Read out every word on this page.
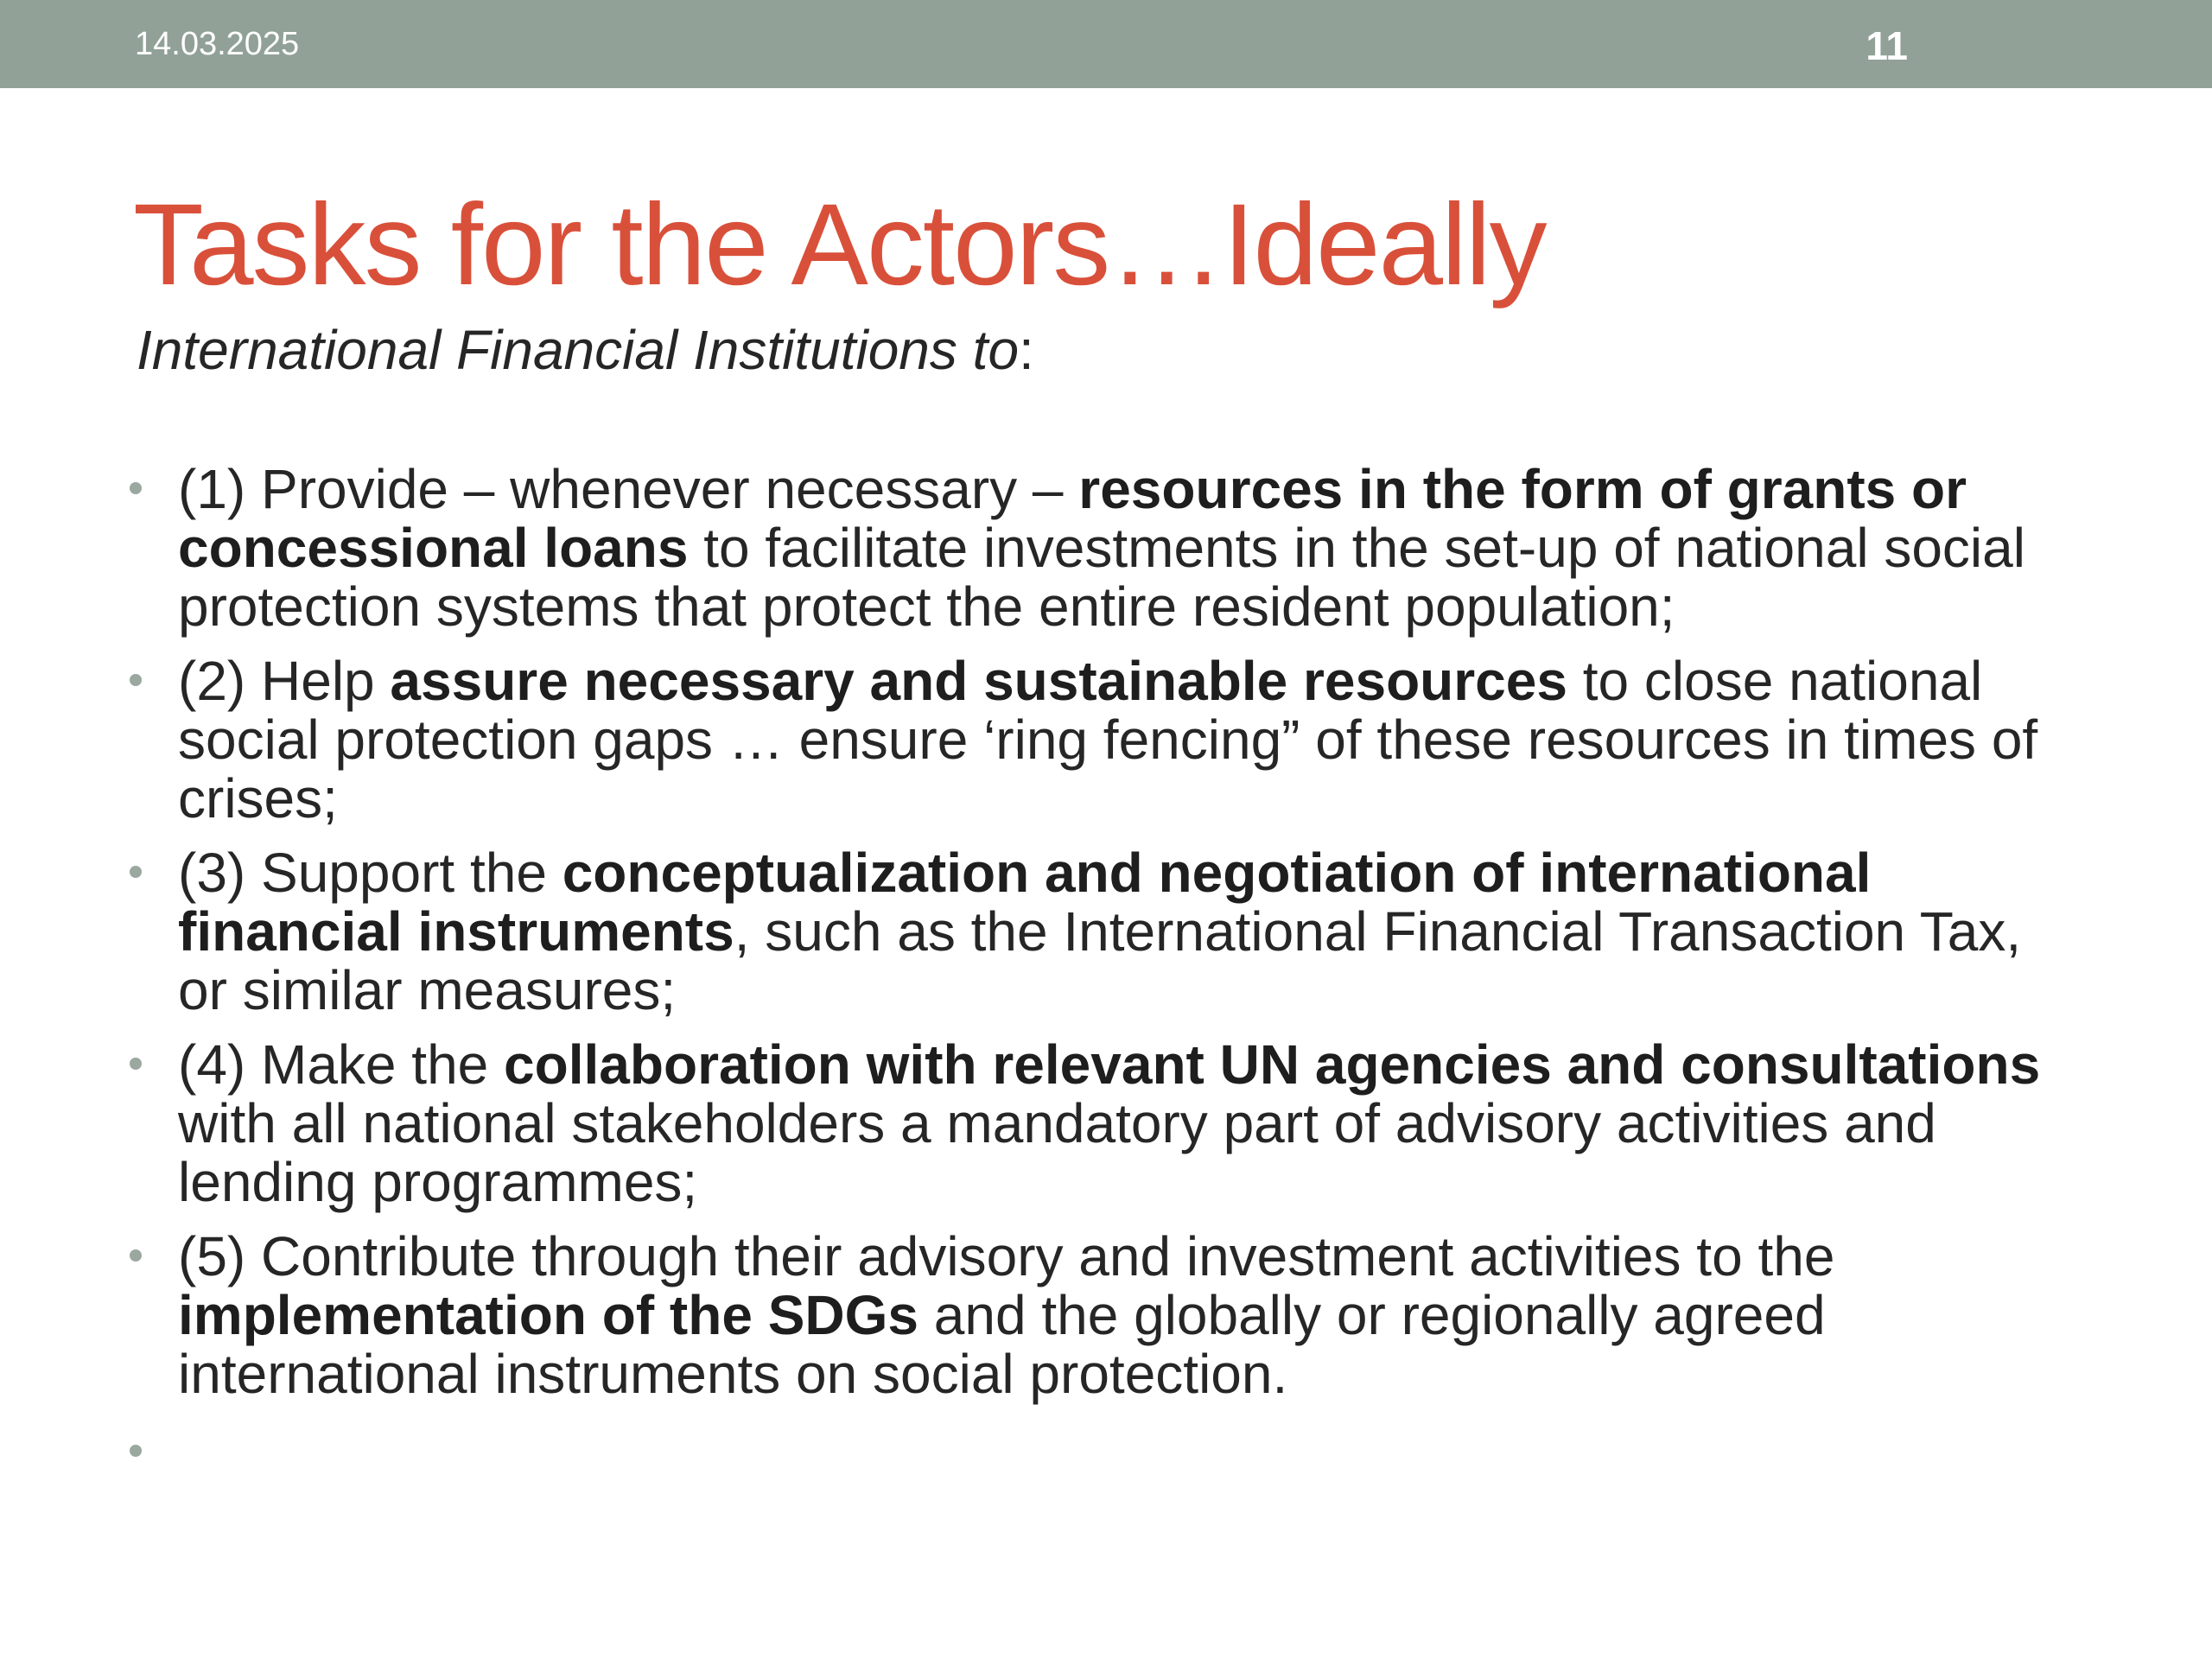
14.03.2025	11
Tasks for the Actors…Ideally
International Financial Institutions to:
(1) Provide – whenever necessary – resources in the form of grants or concessional loans to facilitate investments in the set-up of national social protection systems that protect the entire resident population;
(2) Help assure necessary and sustainable resources to close national social protection gaps … ensure ‘ring fencing” of these resources in times of crises;
(3) Support the conceptualization and negotiation of international financial instruments, such as the International Financial Transaction Tax, or similar measures;
(4) Make the collaboration with relevant UN agencies and consultations with all national stakeholders a mandatory part of advisory activities and lending programmes;
(5) Contribute through their advisory and investment activities to the implementation of the SDGs and the globally or regionally agreed international instruments on social protection.
